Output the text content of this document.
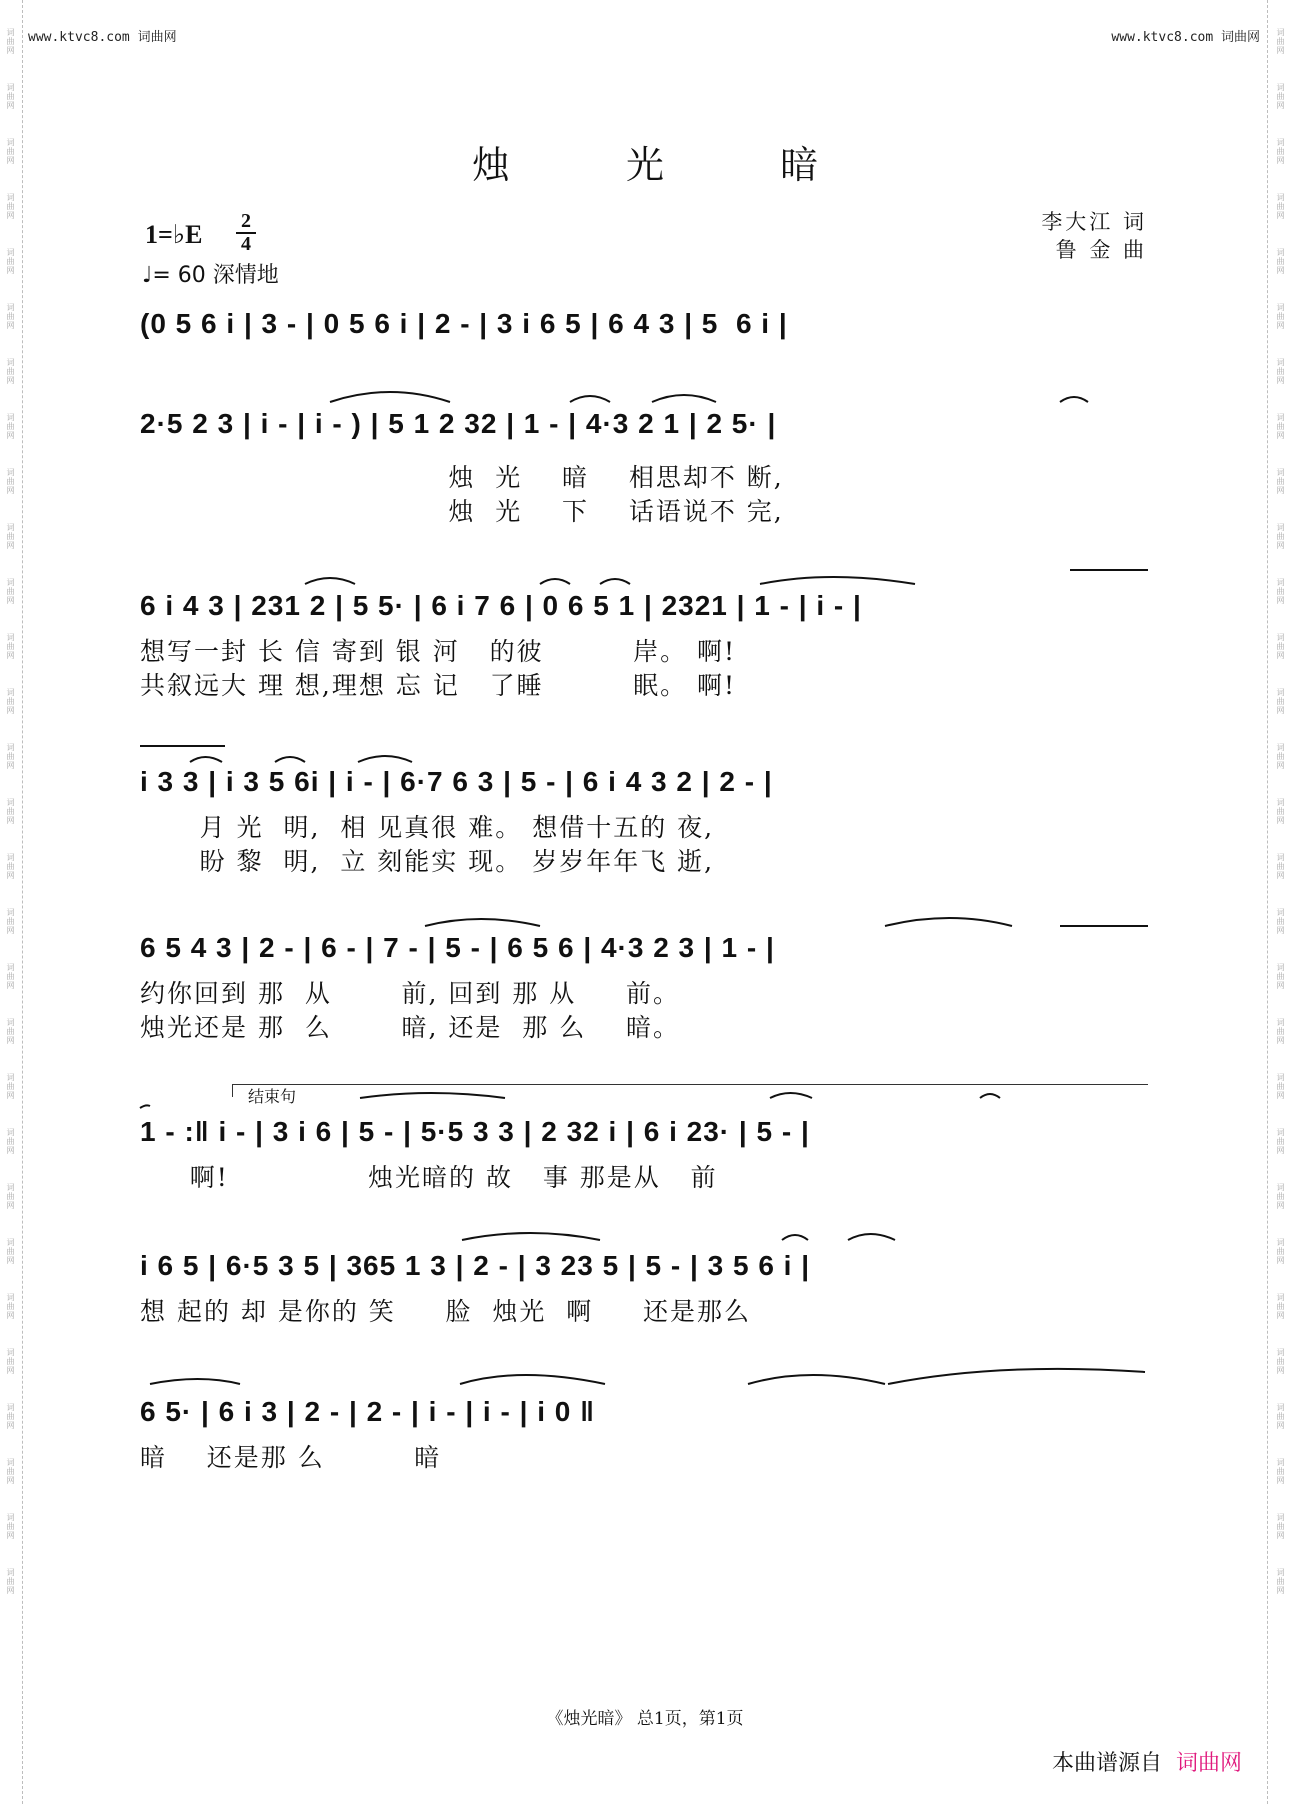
词曲网
词曲网
词曲网
词曲网
词曲网
词曲网
词曲网
词曲网
词曲网
词曲网
词曲网
词曲网
词曲网
词曲网
词曲网
词曲网
词曲网
词曲网
词曲网
词曲网
词曲网
词曲网
词曲网
词曲网
词曲网
词曲网
词曲网
词曲网
词曲网
词曲网
词曲网
词曲网
词曲网
词曲网
词曲网
词曲网
词曲网
词曲网
词曲网
词曲网
词曲网
词曲网
词曲网
词曲网
词曲网
词曲网
词曲网
词曲网
词曲网
词曲网
词曲网
词曲网
词曲网
词曲网
词曲网
词曲网
词曲网
词曲网
www.ktvc8.com 词曲网	www.ktvc8.com 词曲网
烛 光 暗
1=♭E 2
4
♩= 60 深情地
李大江 词
鲁 金 曲
(0 5 6 i | 3 - | 0 5 6 i | 2 - | 3 i 6 5 | 6 4 3 | 5  6 i |
2·5 2 3 | i - | i - ) | 5 1 2 32 | 1 - | 4·3 2 1 | 2 5· |
烛  光    暗    相思却不 断,
烛  光    下    话语说不 完,
6 i 4 3 | 231 2 | 5 5· | 6 i 7 6 | 0 6 5 1 | 2321 | 1 - | i - |
想写一封 长 信 寄到 银 河   的彼         岸。 啊!
共叙远大 理 想,理想 忘 记   了睡         眠。 啊!
i 3 3 | i 3 5 6i | i - | 6·7 6 3 | 5 - | 6 i 4 3 2 | 2 - |
月 光  明,  相 见真很 难。 想借十五的 夜,
盼 黎  明,  立 刻能实 现。 岁岁年年飞 逝,
6 5 4 3 | 2 - | 6 - | 7 - | 5 - | 6 5 6 | 4·3 2 3 | 1 - |
约你回到 那  从       前, 回到 那 从     前。
烛光还是 那  么       暗, 还是  那 么    暗。
结束句
1 - :‖ i - | 3 i 6 | 5 - | 5·5 3 3 | 2 32 i | 6 i 23· | 5 - |
啊!              烛光暗的 故   事 那是从   前
i 6 5 | 6·5 3 5 | 365 1 3 | 2 - | 3 23 5 | 5 - | 3 5 6 i |
想 起的 却 是你的 笑     脸  烛光  啊     还是那么
6 5· | 6 i 3 | 2 - | 2 - | i - | i - | i 0 ‖
暗    还是那 么         暗
《烛光暗》 总1页，第1页
本曲谱源自 词曲网
